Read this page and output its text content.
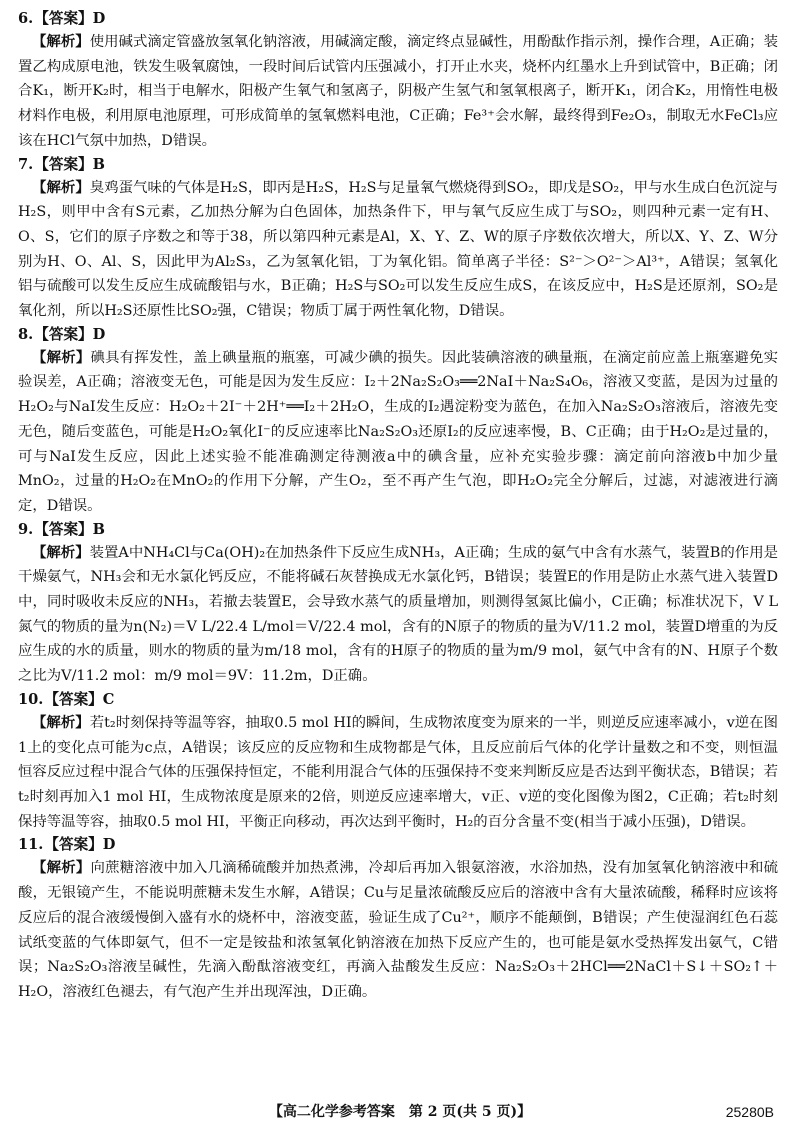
6.【答案】D

【解析】使用碱式滴定管盛放氢氧化钠溶液，用碱滴定酸，滴定终点显碱性，用酚酞作指示剂，操作合理，A正确；装置乙构成原电池，铁发生吸氧腐蚀，一段时间后试管内压强减小，打开止水夹，烧杯内红墨水上升到试管中，B正确；闭合K₁，断开K₂时，相当于电解水，阳极产生氧气和氢离子，阴极产生氢气和氢氧根离子，断开K₁，闭合K₂，用惰性电极材料作电极，利用原电池原理，可形成简单的氢氧燃料电池，C正确；Fe³⁺会水解，最终得到Fe₂O₃，制取无水FeCl₃应该在HCl气氛中加热，D错误。

7.【答案】B

【解析】臭鸡蛋气味的气体是H₂S，即丙是H₂S，H₂S与足量氧气燃烧得到SO₂，即戊是SO₂，甲与水生成白色沉淀与H₂S，则甲中含有S元素，乙加热分解为白色固体，加热条件下，甲与氧气反应生成丁与SO₂，则四种元素一定有H、O、S，它们的原子序数之和等于38，所以第四种元素是Al，X、Y、Z、W的原子序数依次增大，所以X、Y、Z、W分别为H、O、Al、S，因此甲为Al₂S₃，乙为氢氧化铝，丁为氧化铝。简单离子半径：S²⁻＞O²⁻＞Al³⁺，A错误；氢氧化铝与硫酸可以发生反应生成硫酸铝与水，B正确；H₂S与SO₂可以发生反应生成S，在该反应中，H₂S是还原剂，SO₂是氧化剂，所以H₂S还原性比SO₂强，C错误；物质丁属于两性氧化物，D错误。

8.【答案】D

【解析】碘具有挥发性，盖上碘量瓶的瓶塞，可减少碘的损失。因此装碘溶液的碘量瓶，在滴定前应盖上瓶塞避免实验误差，A正确；溶液变无色，可能是因为发生反应：I₂＋2Na₂S₂O₃══2NaI＋Na₂S₄O₆，溶液又变蓝，是因为过量的H₂O₂与NaI发生反应：H₂O₂＋2I⁻＋2H⁺══I₂＋2H₂O，生成的I₂遇淀粉变为蓝色，在加入Na₂S₂O₃溶液后，溶液先变无色，随后变蓝色，可能是H₂O₂氧化I⁻的反应速率比Na₂S₂O₃还原I₂的反应速率慢，B、C正确；由于H₂O₂是过量的，可与NaI发生反应，因此上述实验不能准确测定待测液a中的碘含量，应补充实验步骤：滴定前向溶液b中加少量MnO₂，过量的H₂O₂在MnO₂的作用下分解，产生O₂，至不再产生气泡，即H₂O₂完全分解后，过滤，对滤液进行滴定，D错误。

9.【答案】B

【解析】装置A中NH₄Cl与Ca(OH)₂在加热条件下反应生成NH₃，A正确；生成的氨气中含有水蒸气，装置B的作用是干燥氨气，NH₃会和无水氯化钙反应，不能将碱石灰替换成无水氯化钙，B错误；装置E的作用是防止水蒸气进入装置D中，同时吸收未反应的NH₃，若撤去装置E，会导致水蒸气的质量增加，则测得氢氮比偏小，C正确；标准状况下，V L氮气的物质的量为n(N₂)＝V L/22.4 L/mol＝V/22.4 mol，含有的N原子的物质的量为V/11.2 mol，装置D增重的为反应生成的水的质量，则水的物质的量为m/18 mol，含有的H原子的物质的量为m/9 mol，氨气中含有的N、H原子个数之比为V/11.2 mol：m/9 mol＝9V：11.2m，D正确。

10.【答案】C

【解析】若t₂时刻保持等温等容，抽取0.5 mol HI的瞬间，生成物浓度变为原来的一半，则逆反应速率减小，v逆在图1上的变化点可能为c点，A错误；该反应的反应物和生成物都是气体，且反应前后气体的化学计量数之和不变，则恒温恒容反应过程中混合气体的压强保持恒定，不能利用混合气体的压强保持不变来判断反应是否达到平衡状态，B错误；若t₂时刻再加入1 mol HI，生成物浓度是原来的2倍，则逆反应速率增大，v正、v逆的变化图像为图2，C正确；若t₂时刻保持等温等容，抽取0.5 mol HI，平衡正向移动，再次达到平衡时，H₂的百分含量不变(相当于减小压强)，D错误。

11.【答案】D

【解析】向蔗糖溶液中加入几滴稀硫酸并加热煮沸，冷却后再加入银氨溶液，水浴加热，没有加氢氧化钠溶液中和硫酸，无银镜产生，不能说明蔗糖未发生水解，A错误；Cu与足量浓硫酸反应后的溶液中含有大量浓硫酸，稀释时应该将反应后的混合液缓慢倒入盛有水的烧杯中，溶液变蓝，验证生成了Cu²⁺，顺序不能颠倒，B错误；产生使湿润红色石蕊试纸变蓝的气体即氨气，但不一定是铵盐和浓氢氧化钠溶液在加热下反应产生的，也可能是氨水受热挥发出氨气，C错误；Na₂S₂O₃溶液呈碱性，先滴入酚酞溶液变红，再滴入盐酸发生反应：Na₂S₂O₃＋2HCl══2NaCl＋S↓＋SO₂↑＋H₂O，溶液红色褪去，有气泡产生并出现浑浊，D正确。

【高二化学参考答案　第 2 页(共 5 页)】	25280B
